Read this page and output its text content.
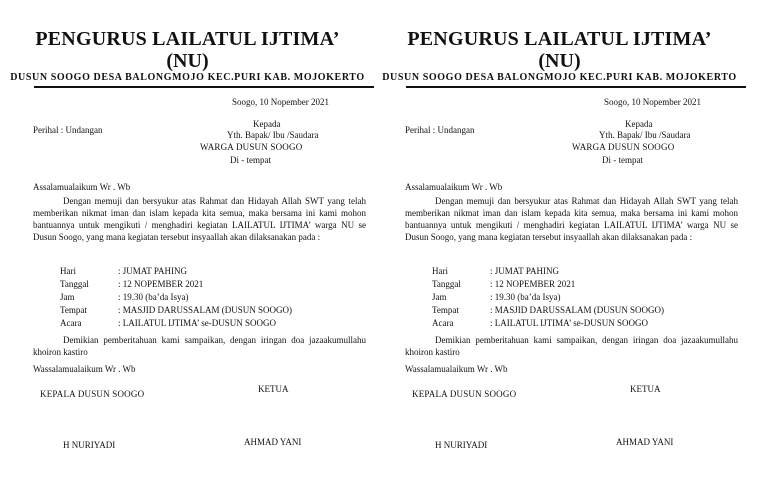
PENGURUS LAILATUL IJTIMA’
(NU)
DUSUN SOOGO DESA BALONGMOJO KEC.PURI KAB. MOJOKERTO
Soogo, 10 Nopember 2021
Perihal : Undangan
Kepada
Yth. Bapak/ Ibu /Saudara
WARGA DUSUN SOOGO
Di - tempat
Assalamualaikum Wr . Wb
Dengan memuji dan bersyukur atas Rahmat dan Hidayah Allah SWT yang telah memberikan nikmat iman dan islam kepada kita semua, maka bersama ini kami mohon bantuannya untuk mengikuti / menghadiri kegiatan LAILATUL IJTIMA’ warga NU se Dusun Soogo, yang mana kegiatan tersebut insyaallah akan dilaksanakan pada :
Hari	: JUMAT PAHING
Tanggal	: 12 NOPEMBER 2021
Jam	: 19.30 (ba’da Isya)
Tempat	: MASJID DARUSSALAM (DUSUN SOOGO)
Acara	: LAILATUL IJTIMA’ se-DUSUN SOOGO
Demikian pemberitahuan kami sampaikan, dengan iringan doa jazaakumullahu khoiron kastiro
Wassalamualaikum Wr . Wb
KEPALA DUSUN SOOGO	KETUA
H NURIYADI	AHMAD YANI
PENGURUS LAILATUL IJTIMA’
(NU)
DUSUN SOOGO DESA BALONGMOJO KEC.PURI KAB. MOJOKERTO
Soogo, 10 Nopember 2021
Perihal : Undangan
Kepada
Yth. Bapak/ Ibu /Saudara
WARGA DUSUN SOOGO
Di - tempat
Assalamualaikum Wr . Wb
Dengan memuji dan bersyukur atas Rahmat dan Hidayah Allah SWT yang telah memberikan nikmat iman dan islam kepada kita semua, maka bersama ini kami mohon bantuannya untuk mengikuti / menghadiri kegiatan LAILATUL IJTIMA’ warga NU se Dusun Soogo, yang mana kegiatan tersebut insyaallah akan dilaksanakan pada :
Hari	: JUMAT PAHING
Tanggal	: 12 NOPEMBER 2021
Jam	: 19.30 (ba’da Isya)
Tempat	: MASJID DARUSSALAM (DUSUN SOOGO)
Acara	: LAILATUL IJTIMA’ se-DUSUN SOOGO
Demikian pemberitahuan kami sampaikan, dengan iringan doa jazaakumullahu khoiron kastiro
Wassalamualaikum Wr . Wb
KEPALA DUSUN SOOGO	KETUA
H NURIYADI	AHMAD YANI
